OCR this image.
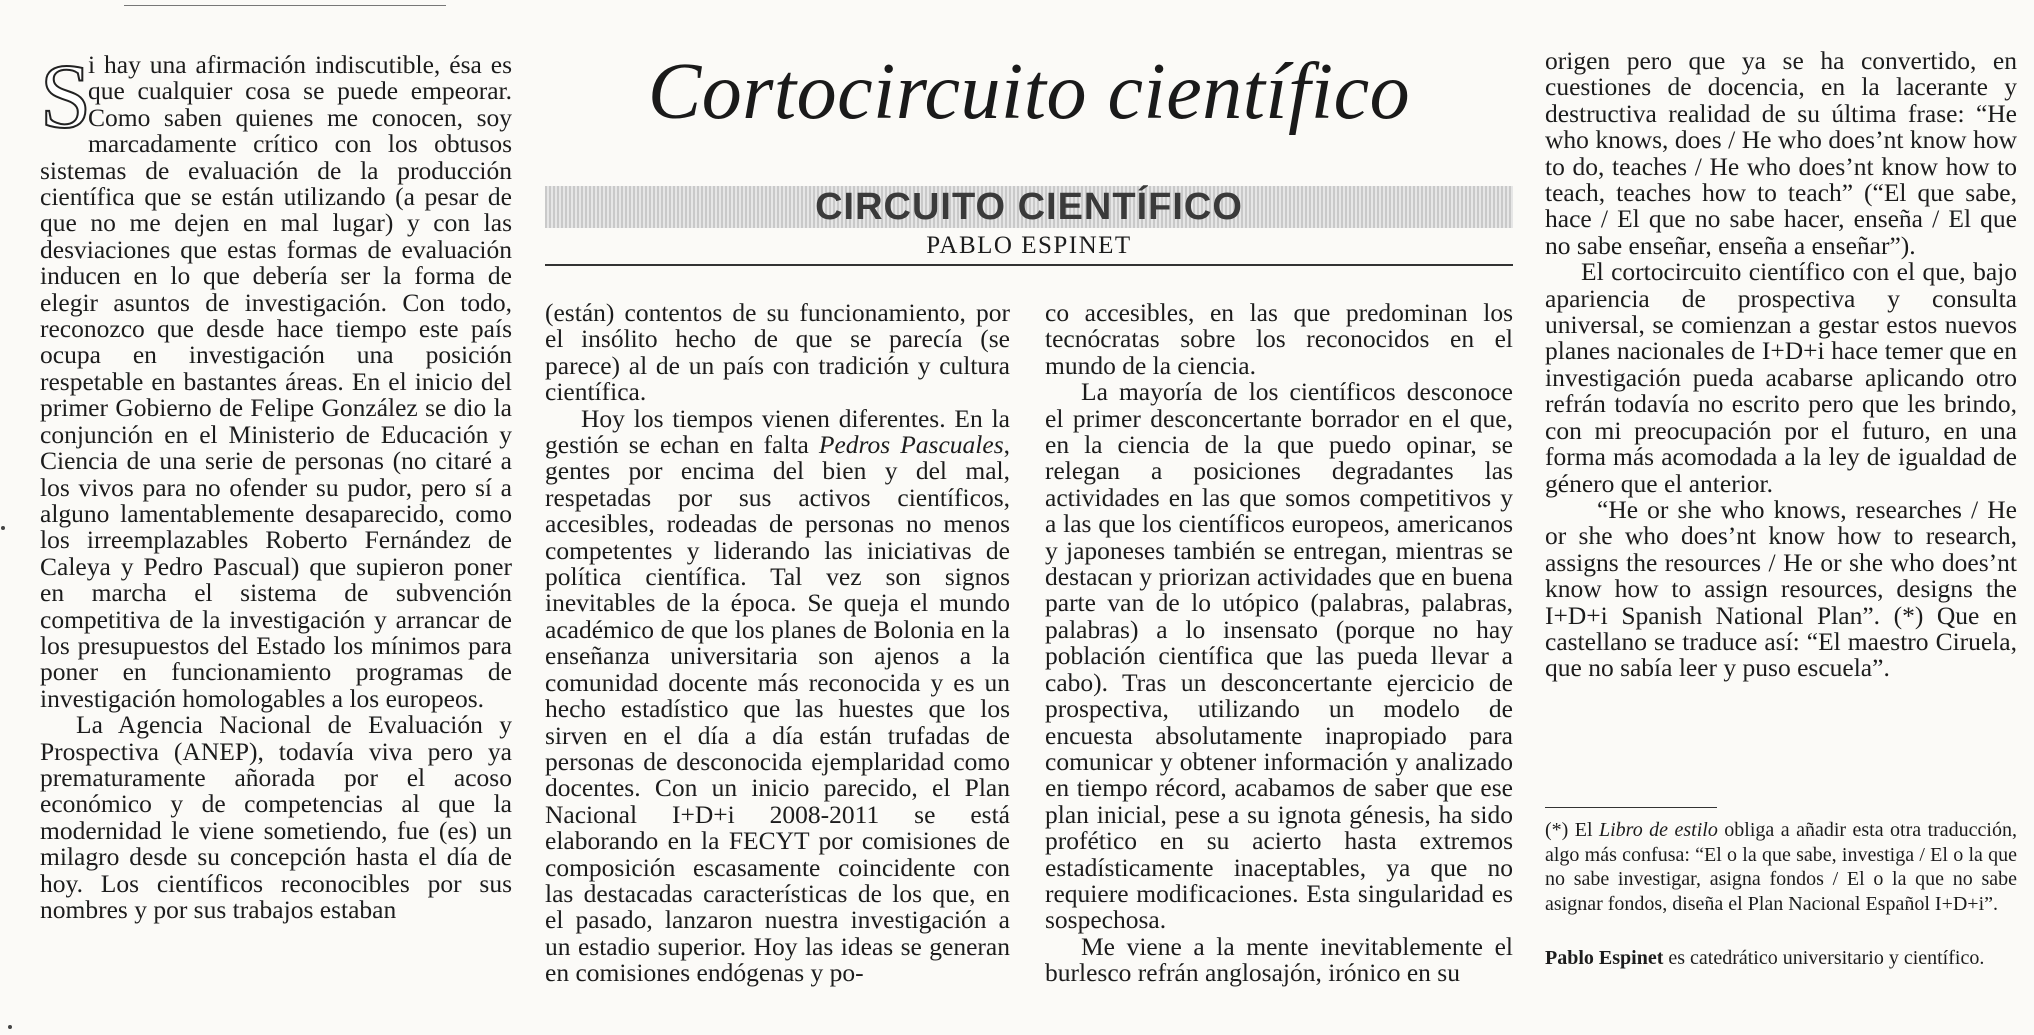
Cortocircuito científico
CIRCUITO CIENTÍFICO
PABLO ESPINET

S
i hay una afirmación indiscutible, ésa es que cualquier cosa se puede empeorar. Como saben quienes me conocen, soy marcadamente crítico con los obtusos sistemas de evaluación de la producción científica que se están utilizando (a pesar de que no me dejen en mal lugar) y con las desviaciones que estas formas de evaluación inducen en lo que debería ser la forma de elegir asuntos de investigación. Con todo, reconozco que desde hace tiempo este país ocupa en investigación una posición respetable en bastantes áreas. En el inicio del primer Gobierno de Felipe González se dio la conjunción en el Ministerio de Educación y Ciencia de una serie de personas (no citaré a los vivos para no ofender su pudor, pero sí a alguno lamentablemente desaparecido, como los irreemplazables Roberto Fernández de Caleya y Pedro Pascual) que supieron poner en marcha el sistema de subvención competitiva de la investigación y arrancar de los presupuestos del Estado los mínimos para poner en funcionamiento programas de investigación homologables a los europeos.

La Agencia Nacional de Evaluación y Prospectiva (ANEP), todavía viva pero ya prematuramente añorada por el acoso económico y de competencias al que la modernidad le viene sometiendo, fue (es) un milagro desde su concepción hasta el día de hoy. Los científicos reconocibles por sus nombres y por sus trabajos estaban

(están) contentos de su funcionamiento, por el insólito hecho de que se parecía (se parece) al de un país con tradición y cultura científica.

Hoy los tiempos vienen diferentes. En la gestión se echan en falta Pedros Pascuales, gentes por encima del bien y del mal, respetadas por sus activos científicos, accesibles, rodeadas de personas no menos competentes y liderando las iniciativas de política científica. Tal vez son signos inevitables de la época. Se queja el mundo académico de que los planes de Bolonia en la enseñanza universitaria son ajenos a la comunidad docente más reconocida y es un hecho estadístico que las huestes que los sirven en el día a día están trufadas de personas de desconocida ejemplaridad como docentes. Con un inicio parecido, el Plan Nacional I+D+i 2008-2011 se está elaborando en la FECYT por comisiones de composición escasamente coincidente con las destacadas características de los que, en el pasado, lanzaron nuestra investigación a un estadio superior. Hoy las ideas se generan en comisiones endógenas y po-

co accesibles, en las que predominan los tecnócratas sobre los reconocidos en el mundo de la ciencia.

La mayoría de los científicos desconoce el primer desconcertante borrador en el que, en la ciencia de la que puedo opinar, se relegan a posiciones degradantes las actividades en las que somos competitivos y a las que los científicos europeos, americanos y japoneses también se entregan, mientras se destacan y priorizan actividades que en buena parte van de lo utópico (palabras, palabras, palabras) a lo insensato (porque no hay población científica que las pueda llevar a cabo). Tras un desconcertante ejercicio de prospectiva, utilizando un modelo de encuesta absolutamente inapropiado para comunicar y obtener información y analizado en tiempo récord, acabamos de saber que ese plan inicial, pese a su ignota génesis, ha sido profético en su acierto hasta extremos estadísticamente inaceptables, ya que no requiere modificaciones. Esta singularidad es sospechosa.

Me viene a la mente inevitablemente el burlesco refrán anglosajón, irónico en su

origen pero que ya se ha convertido, en cuestiones de docencia, en la lacerante y destructiva realidad de su última frase: “He who knows, does / He who does’nt know how to do, teaches / He who does’nt know how to teach, teaches how to teach” (“El que sabe, hace / El que no sabe hacer, enseña / El que no sabe enseñar, enseña a enseñar”).

El cortocircuito científico con el que, bajo apariencia de prospectiva y consulta universal, se comienzan a gestar estos nuevos planes nacionales de I+D+i hace temer que en investigación pueda acabarse aplicando otro refrán todavía no escrito pero que les brindo, con mi preocupación por el futuro, en una forma más acomodada a la ley de igualdad de género que el anterior.

“He or she who knows, researches / He or she who does’nt know how to research, assigns the resources / He or she who does’nt know how to assign resources, designs the I+D+i Spanish National Plan”. (*) Que en castellano se traduce así: “El maestro Ciruela, que no sabía leer y puso escuela”.

(*) El Libro de estilo obliga a añadir esta otra traducción, algo más confusa: “El o la que sabe, investiga / El o la que no sabe investigar, asigna fondos / El o la que no sabe asignar fondos, diseña el Plan Nacional Español I+D+i”.
Pablo Espinet es catedrático universitario y científico.
